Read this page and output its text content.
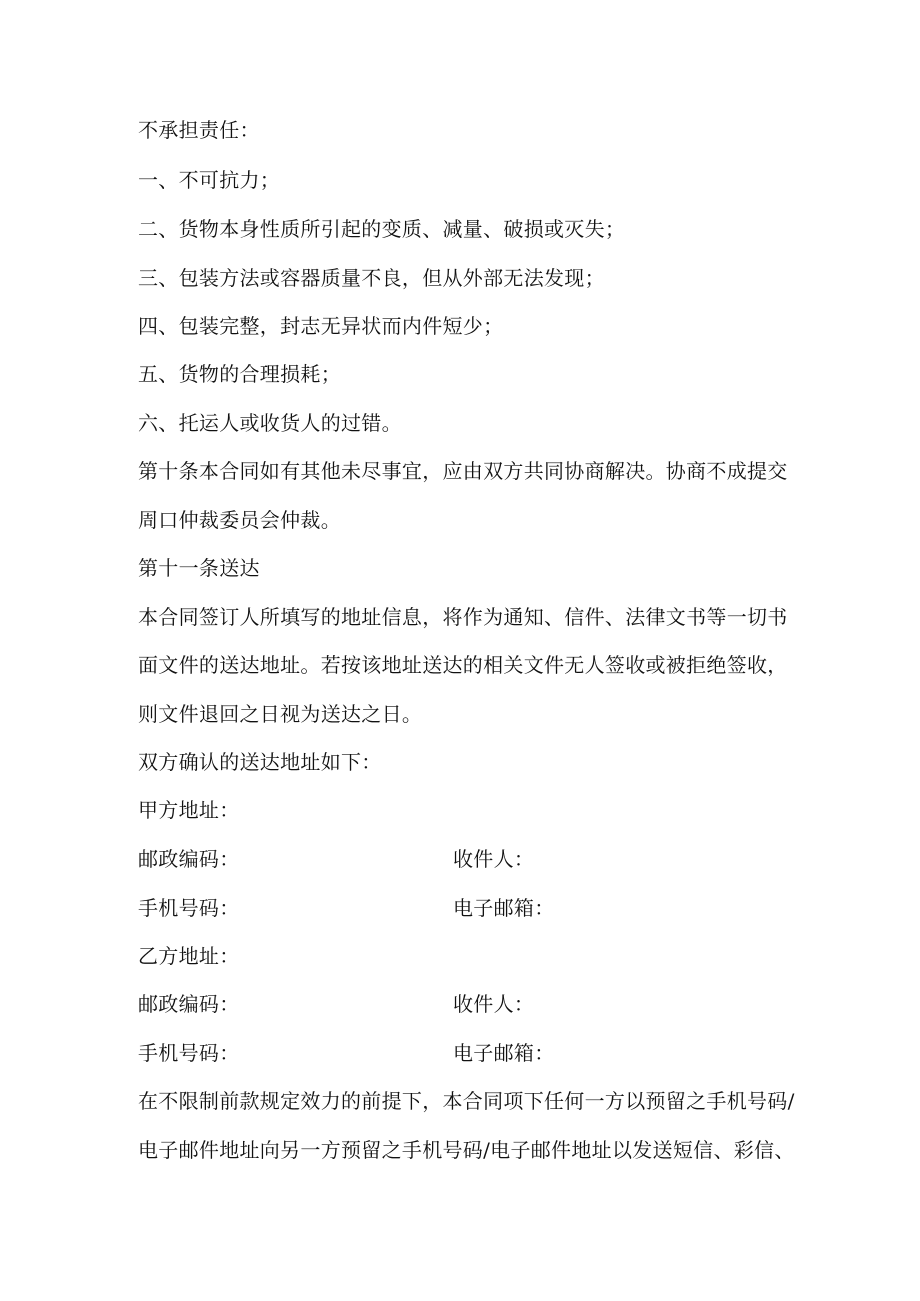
不承担责任：
一、不可抗力；
二、货物本身性质所引起的变质、减量、破损或灭失；
三、包装方法或容器质量不良，但从外部无法发现；
四、包装完整，封志无异状而内件短少；
五、货物的合理损耗；
六、托运人或收货人的过错。
第十条本合同如有其他未尽事宜，应由双方共同协商解决。协商不成提交
周口仲裁委员会仲裁。
第十一条送达
本合同签订人所填写的地址信息，将作为通知、信件、法律文书等一切书
面文件的送达地址。若按该地址送达的相关文件无人签收或被拒绝签收，
则文件退回之日视为送达之日。
双方确认的送达地址如下：
甲方地址：
邮政编码：	收件人：
手机号码：	电子邮箱：
乙方地址：
邮政编码：	收件人：
手机号码：	电子邮箱：
在不限制前款规定效力的前提下，本合同项下任何一方以预留之手机号码/
电子邮件地址向另一方预留之手机号码/电子邮件地址以发送短信、彩信、
